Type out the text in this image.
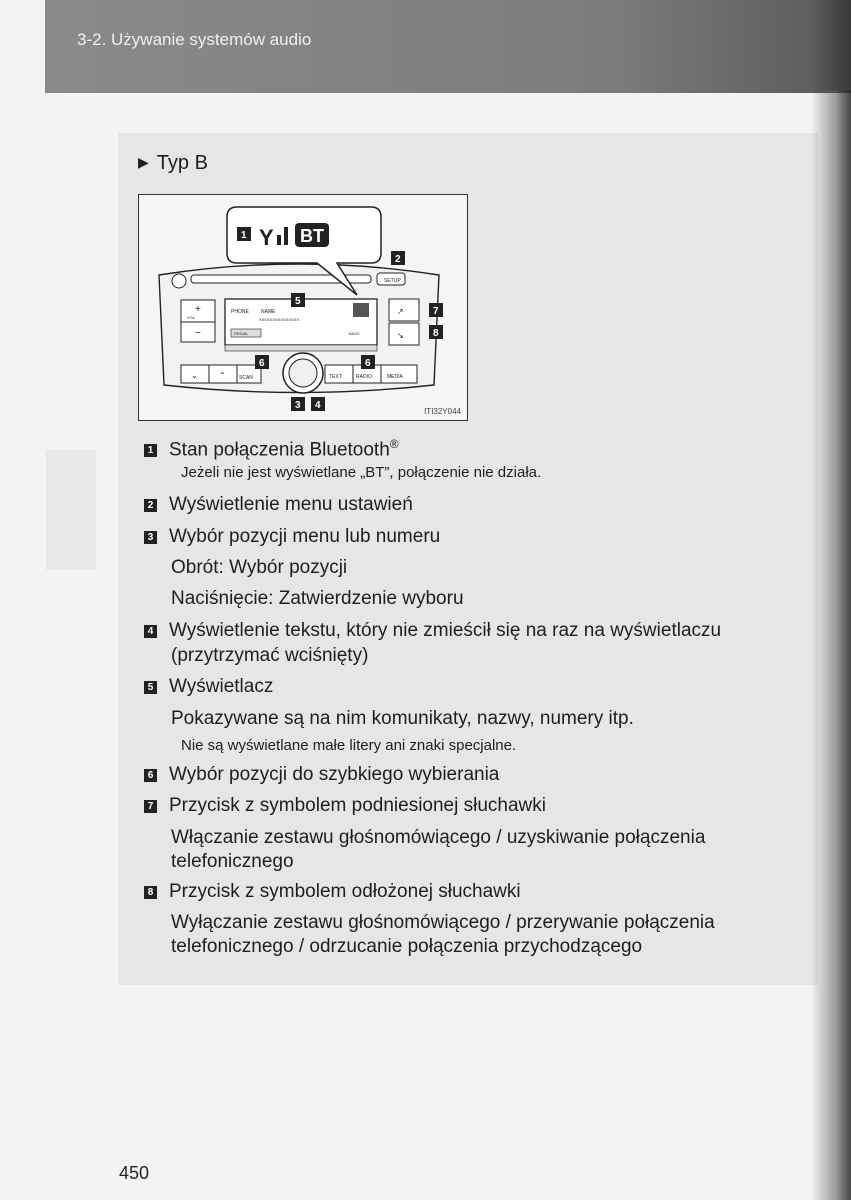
3-2. Używanie systemów audio
▶ Typ B
SETUP
+
VOL
−
PHONE NAME
XXXXXXXXXXXXXXX
REDIAL	BACK
↗
↘
⌄	⌃	SCAN	TEXT	RADIO	MEDIA
1 Y BT
2
5
7
8
6	6
3 4
ITI32Y044
1 Stan połączenia Bluetooth®
Jeżeli nie jest wyświetlane „BT”, połączenie nie działa.
2 Wyświetlenie menu ustawień
3 Wybór pozycji menu lub numeru
Obrót: Wybór pozycji
Naciśnięcie: Zatwierdzenie wyboru
4 Wyświetlenie tekstu, który nie zmieścił się na raz na wyświetlaczu
(przytrzymać wciśnięty)
5 Wyświetlacz
Pokazywane są na nim komunikaty, nazwy, numery itp.
Nie są wyświetlane małe litery ani znaki specjalne.
6 Wybór pozycji do szybkiego wybierania
7 Przycisk z symbolem podniesionej słuchawki
Włączanie zestawu głośnomówiącego / uzyskiwanie połączenia
telefonicznego
8 Przycisk z symbolem odłożonej słuchawki
Wyłączanie zestawu głośnomówiącego / przerywanie połączenia
telefonicznego / odrzucanie połączenia przychodzącego
450
